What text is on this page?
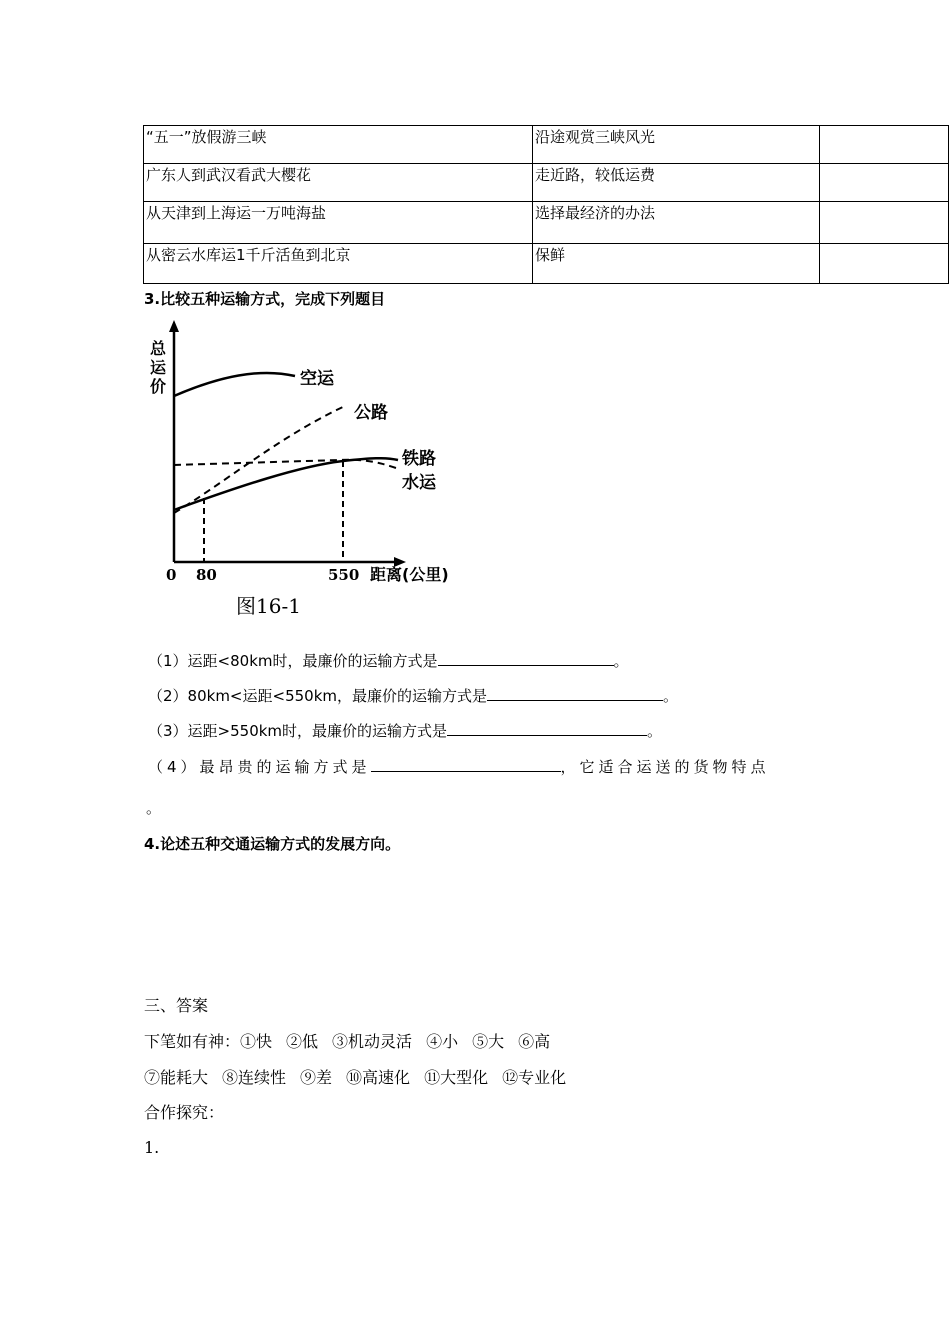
“五一”放假游三峡	沿途观赏三峡风光	
广东人到武汉看武大樱花	走近路，较低运费	
从天津到上海运一万吨海盐	选择最经济的办法	
从密云水库运1千斤活鱼到北京	保鲜	
3.比较五种运输方式，完成下列题目
总
运
价	空运
公路
铁路
水运
0 80	550 距离(公里)
图16-1
（1）运距<80km时，最廉价的运输方式是	。
（2）80km<运距<550km，最廉价的运输方式是	。
（3）运距>550km时，最廉价的运输方式是	。
（4）最昂贵的运输方式是	，它适合运送的货物特点
。
4.论述五种交通运输方式的发展方向。
三、答案
下笔如有神：①快 ②低 ③机动灵活 ④小 ⑤大 ⑥高
⑦能耗大 ⑧连续性 ⑨差 ⑩高速化 ⑪大型化 ⑫专业化
合作探究：
1.
